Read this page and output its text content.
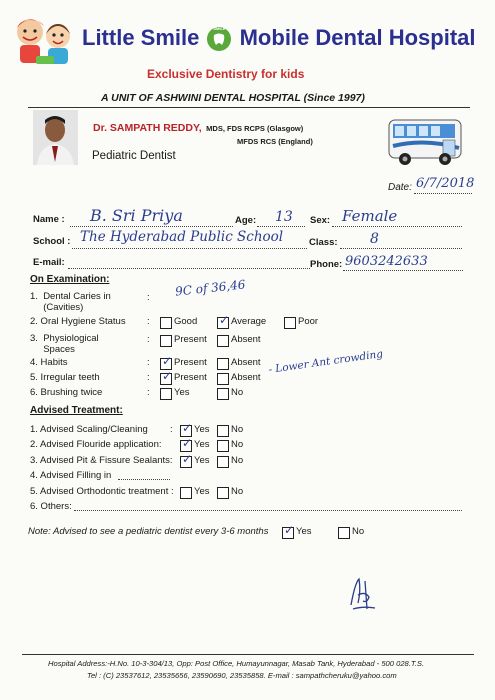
Little Smile	SMILE Mobile Dental Hospital
Exclusive Dentistry for kids
A UNIT OF ASHWINI DENTAL HOSPITAL (Since 1997)
Dr. SAMPATH REDDY, MDS, FDS RCPS (Glasgow)
MFDS RCS (England)
Pediatric Dentist
Date: 6/7/2018
Name : B. Sri Priya	Age: 13 Sex: Female
School : The Hyderabad Public School	Class: 8
E-mail:	Phone: 9603242633
On Examination:
1.  Dental Caries in
(Cavities)
: 9C of 36,46
2. Oral Hygiene Status :	Good ✓ Average	Poor
3.  Physiological
Spaces
:	Present	Absent
4. Habits	: ✓ Present	Absent - Lower Ant crowding
5. Irregular teeth	: ✓ Present	Absent
6. Brushing twice	:	Yes	No
Advised Treatment:
1. Advised Scaling/Cleaning : ✓ Yes No
2. Advised Flouride application: ✓ Yes No
3. Advised Pit & Fissure Sealants: ✓ Yes No
4. Advised Filling in
5. Advised Orthodontic treatment : Yes No
6. Others:
Note: Advised to see a pediatric dentist every 3-6 months ✓ Yes	No
Hospital Address:-H.No. 10-3-304/13, Opp: Post Office, Humayunnagar, Masab Tank, Hyderabad - 500 028.T.S.
Tel : (C) 23537612, 23535656, 23590690, 23535858. E-mail : sampathcheruku@yahoo.com
